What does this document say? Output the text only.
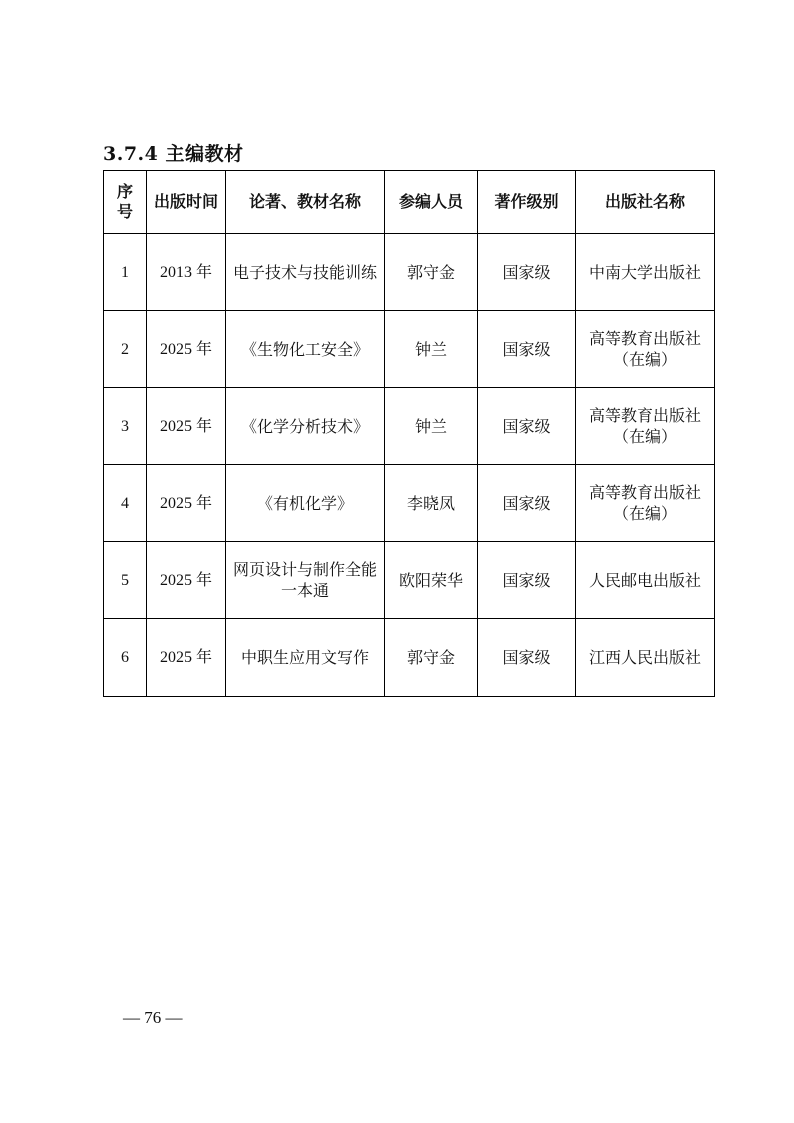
3.7.4 主编教材
序号	出版时间	论著、教材名称	参编人员	著作级别	出版社名称
1	2013 年	电子技术与技能训练	郭守金	国家级	中南大学出版社
2	2025 年	《生物化工安全》	钟兰	国家级	高等教育出版社（在编）
3	2025 年	《化学分析技术》	钟兰	国家级	高等教育出版社（在编）
4	2025 年	《有机化学》	李晓凤	国家级	高等教育出版社（在编）
5	2025 年	网页设计与制作全能一本通	欧阳荣华	国家级	人民邮电出版社
6	2025 年	中职生应用文写作	郭守金	国家级	江西人民出版社
— 76 —
